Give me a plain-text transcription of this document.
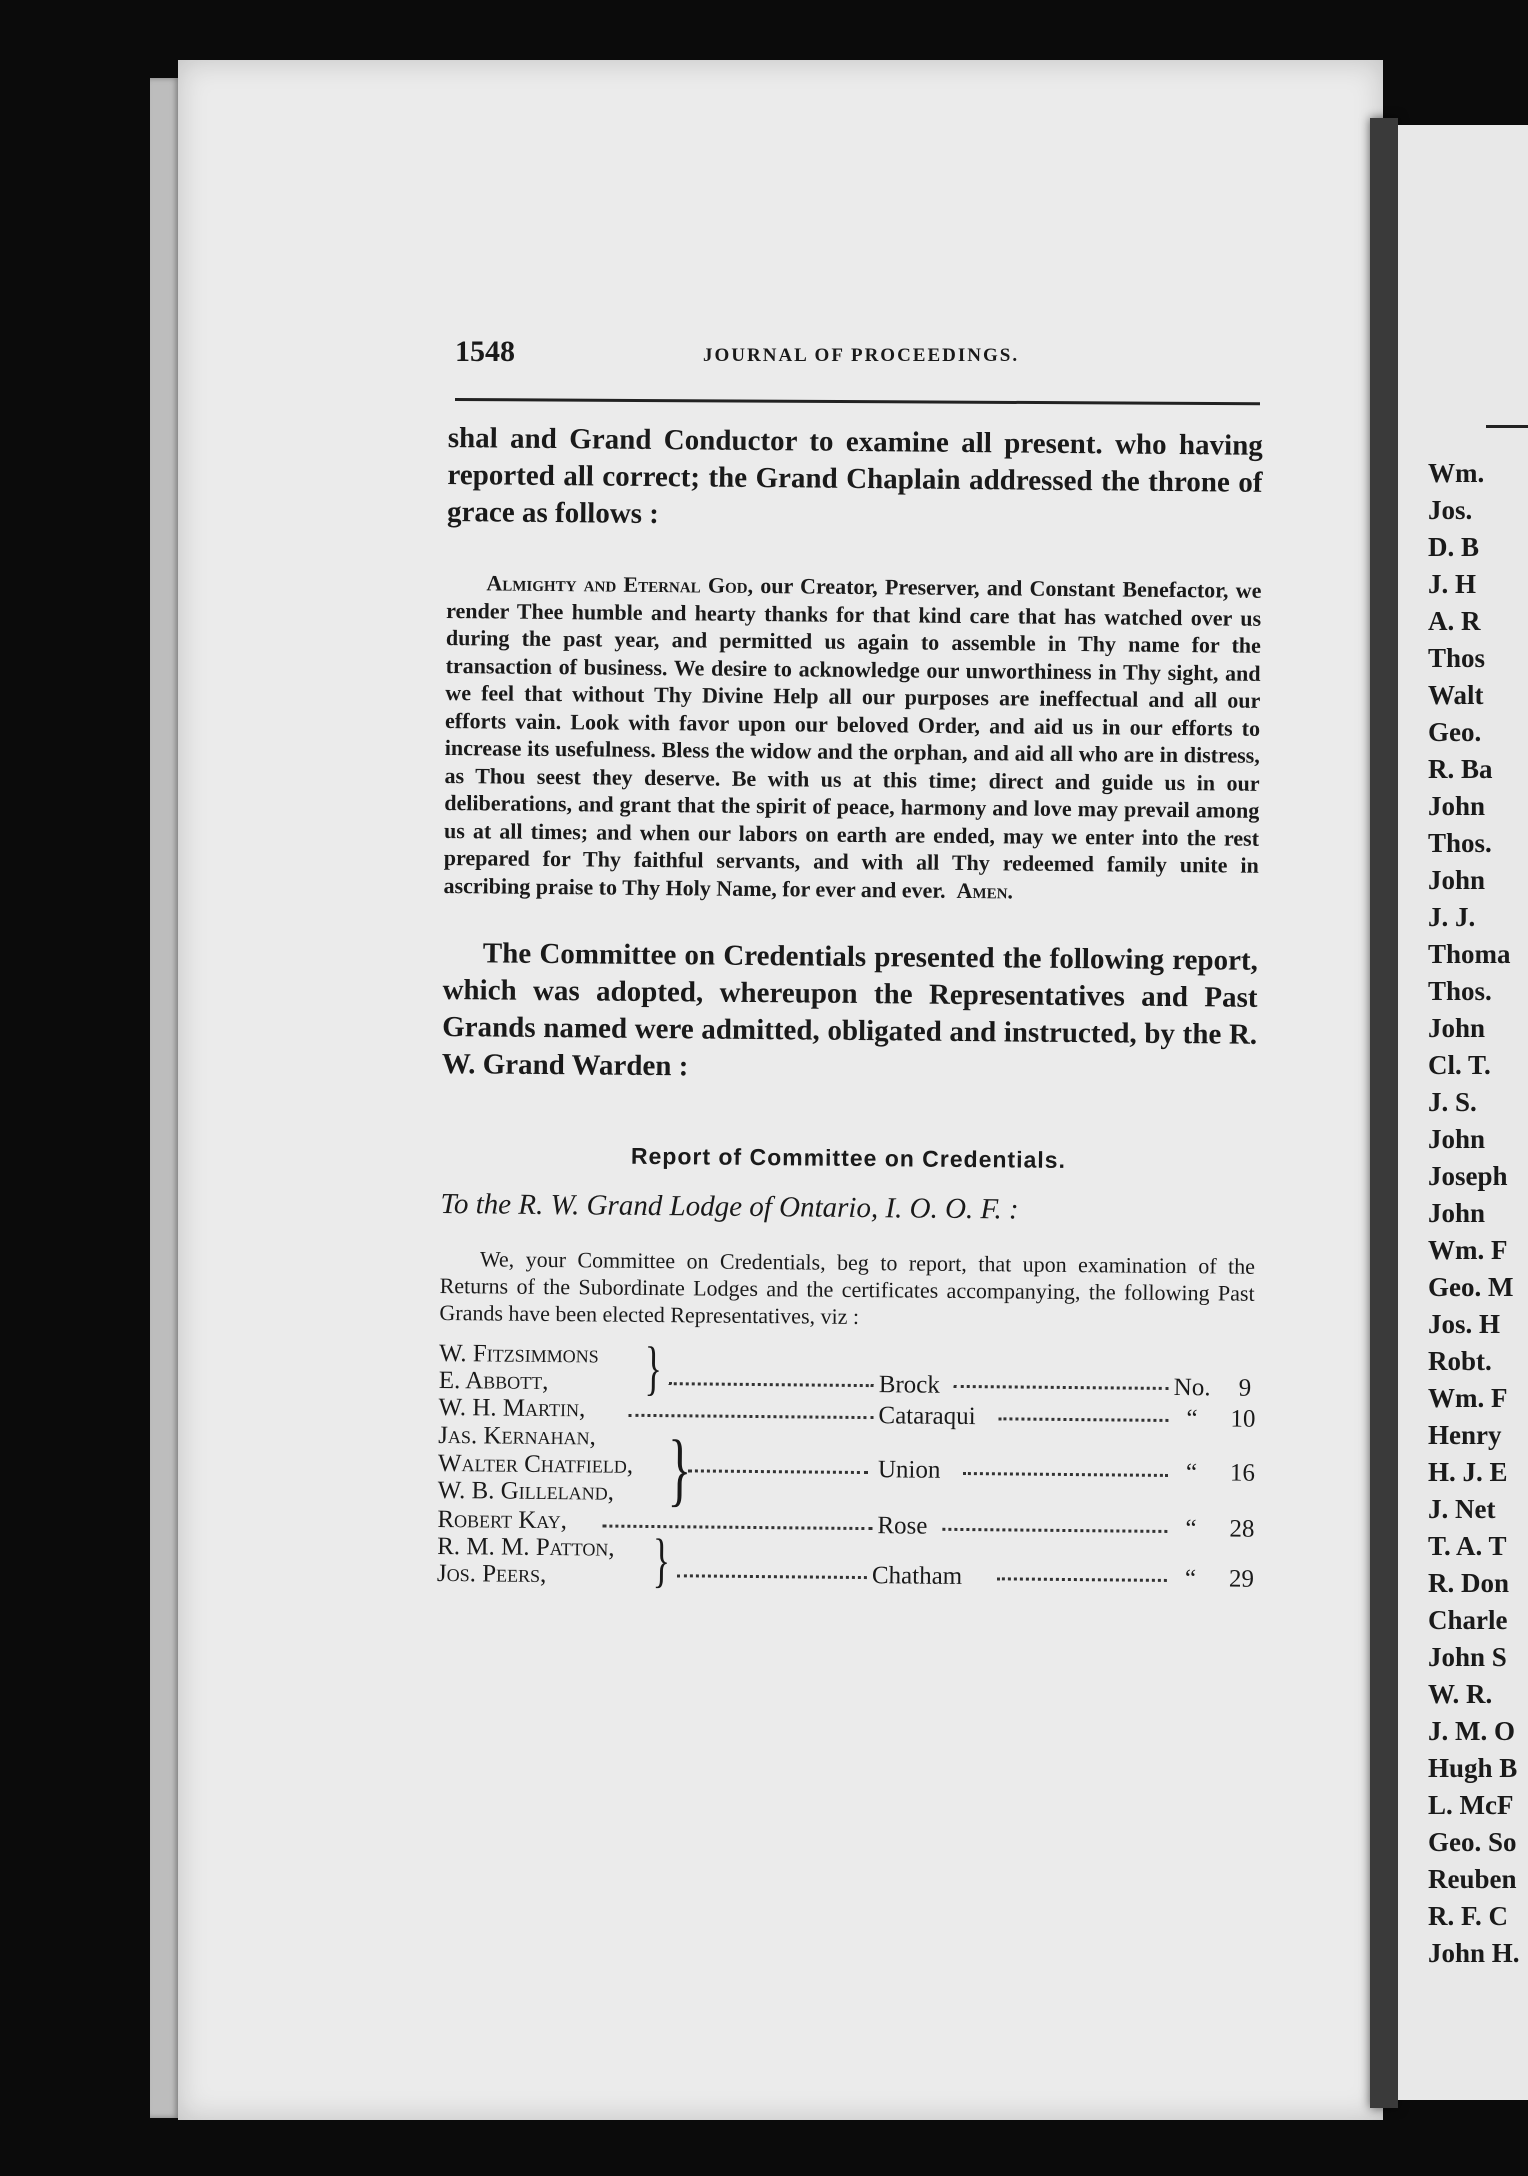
Wm.
Jos.
D. B
J. H
A. R
Thos
Walt
Geo.
R. Ba
John
Thos.
John
J. J.
Thoma
Thos.
John
Cl. T.
J. S.
John
Joseph
John
Wm. F
Geo. M
Jos. H
Robt.
Wm. F
Henry
H. J. E
J. Net
T. A. T
R. Don
Charle
John S
W. R.
J. M. O
Hugh B
L. McF
Geo. So
Reuben
R. F. C
John H.
1548	JOURNAL OF PROCEEDINGS.

shal and Grand Conductor to examine all present. who having reported all correct; the Grand Chaplain addressed the throne of grace as follows :

Almighty and Eternal God, our Creator, Preserver, and Constant Benefactor, we render Thee humble and hearty thanks for that kind care that has watched over us during the past year, and permitted us again to assemble in Thy name for the transaction of business. We desire to acknowledge our unworthiness in Thy sight, and we feel that without Thy Divine Help all our purposes are ineffectual and all our efforts vain. Look with favor upon our beloved Order, and aid us in our efforts to increase its usefulness. Bless the widow and the orphan, and aid all who are in distress, as Thou seest they deserve. Be with us at this time; direct and guide us in our deliberations, and grant that the spirit of peace, harmony and love may prevail among us at all times; and when our labors on earth are ended, may we enter into the rest prepared for Thy faithful servants, and with all Thy redeemed family unite in ascribing praise to Thy Holy Name, for ever and ever. Amen.

The Committee on Credentials presented the following report, which was adopted, whereupon the Representatives and Past Grands named were admitted, obligated and instructed, by the R. W. Grand Warden :

Report of Committee on Credentials.
To the R. W. Grand Lodge of Ontario, I. O. O. F. :

We, your Committee on Credentials, beg to report, that upon examination of the Returns of the Subordinate Lodges and the certificates accompanying, the following Past Grands have been elected Representatives, viz :

W. Fitzsimmons
E. Abbott, }	Brock	No. 9
W. H. Martin,	Cataraqui	“ 10
Jas. Kernahan,
Walter Chatfield,
W. B. Gilleland, }	Union	“ 16
Robert Kay,	Rose	“ 28
R. M. M. Patton,
Jos. Peers, }	Chatham	“ 29
